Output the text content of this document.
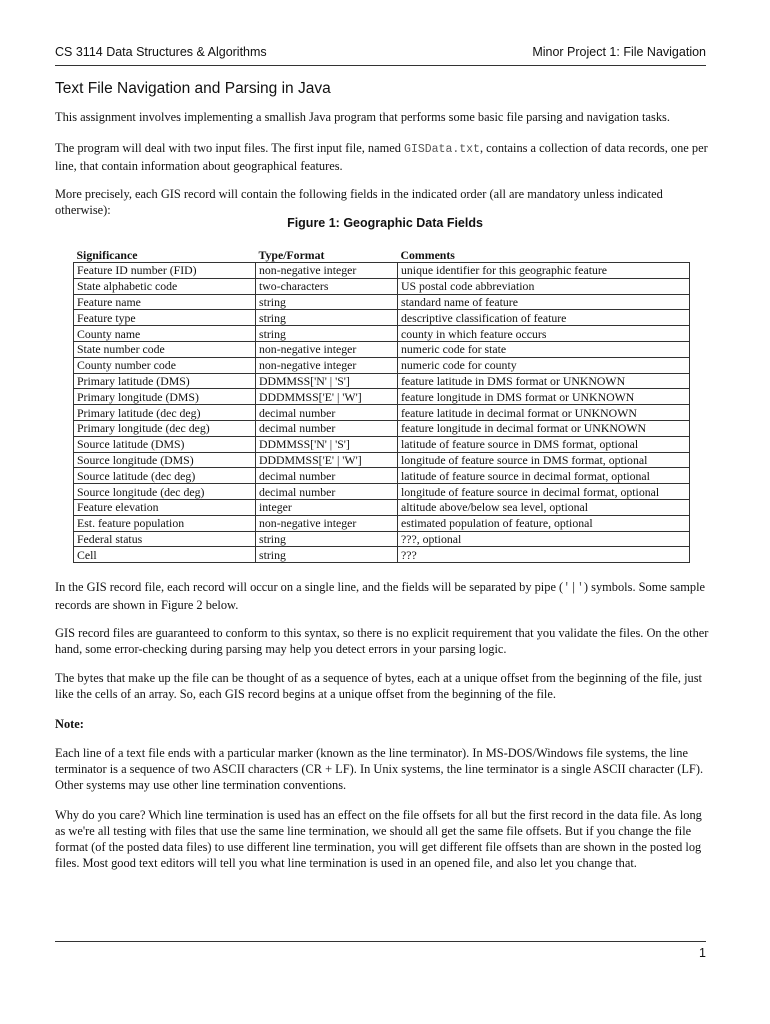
CS 3114 Data Structures & Algorithms	Minor Project 1: File Navigation
Text File Navigation and Parsing in Java

This assignment involves implementing a smallish Java program that performs some basic file parsing and navigation tasks.

The program will deal with two input files. The first input file, named GISData.txt, contains a collection of data records, one per line, that contain information about geographical features.

More precisely, each GIS record will contain the following fields in the indicated order (all are mandatory unless indicated otherwise):

Figure 1: Geographic Data Fields
Significance	Type/Format	Comments
Feature ID number (FID)	non-negative integer	unique identifier for this geographic feature
State alphabetic code	two-characters	US postal code abbreviation
Feature name	string	standard name of feature
Feature type	string	descriptive classification of feature
County name	string	county in which feature occurs
State number code	non-negative integer	numeric code for state
County number code	non-negative integer	numeric code for county
Primary latitude (DMS)	DDMMSS['N' | 'S']	feature latitude in DMS format or UNKNOWN
Primary longitude (DMS)	DDDMMSS['E' | 'W']	feature longitude in DMS format or UNKNOWN
Primary latitude (dec deg)	decimal number	feature latitude in decimal format or UNKNOWN
Primary longitude (dec deg)	decimal number	feature longitude in decimal format or UNKNOWN
Source latitude (DMS)	DDMMSS['N' | 'S']	latitude of feature source in DMS format, optional
Source longitude (DMS)	DDDMMSS['E' | 'W']	longitude of feature source in DMS format, optional
Source latitude (dec deg)	decimal number	latitude of feature source in decimal format, optional
Source longitude (dec deg)	decimal number	longitude of feature source in decimal format, optional
Feature elevation	integer	altitude above/below sea level, optional
Est. feature population	non-negative integer	estimated population of feature, optional
Federal status	string	???, optional
Cell	string	???

In the GIS record file, each record will occur on a single line, and the fields will be separated by pipe ('|') symbols. Some sample records are shown in Figure 2 below.

GIS record files are guaranteed to conform to this syntax, so there is no explicit requirement that you validate the files. On the other hand, some error-checking during parsing may help you detect errors in your parsing logic.

The bytes that make up the file can be thought of as a sequence of bytes, each at a unique offset from the beginning of the file, just like the cells of an array. So, each GIS record begins at a unique offset from the beginning of the file.

Note:

Each line of a text file ends with a particular marker (known as the line terminator). In MS-DOS/Windows file systems, the line terminator is a sequence of two ASCII characters (CR + LF). In Unix systems, the line terminator is a single ASCII character (LF). Other systems may use other line termination conventions.

Why do you care? Which line termination is used has an effect on the file offsets for all but the first record in the data file. As long as we're all testing with files that use the same line termination, we should all get the same file offsets. But if you change the file format (of the posted data files) to use different line termination, you will get different file offsets than are shown in the posted log files. Most good text editors will tell you what line termination is used in an opened file, and also let you change that.

1
